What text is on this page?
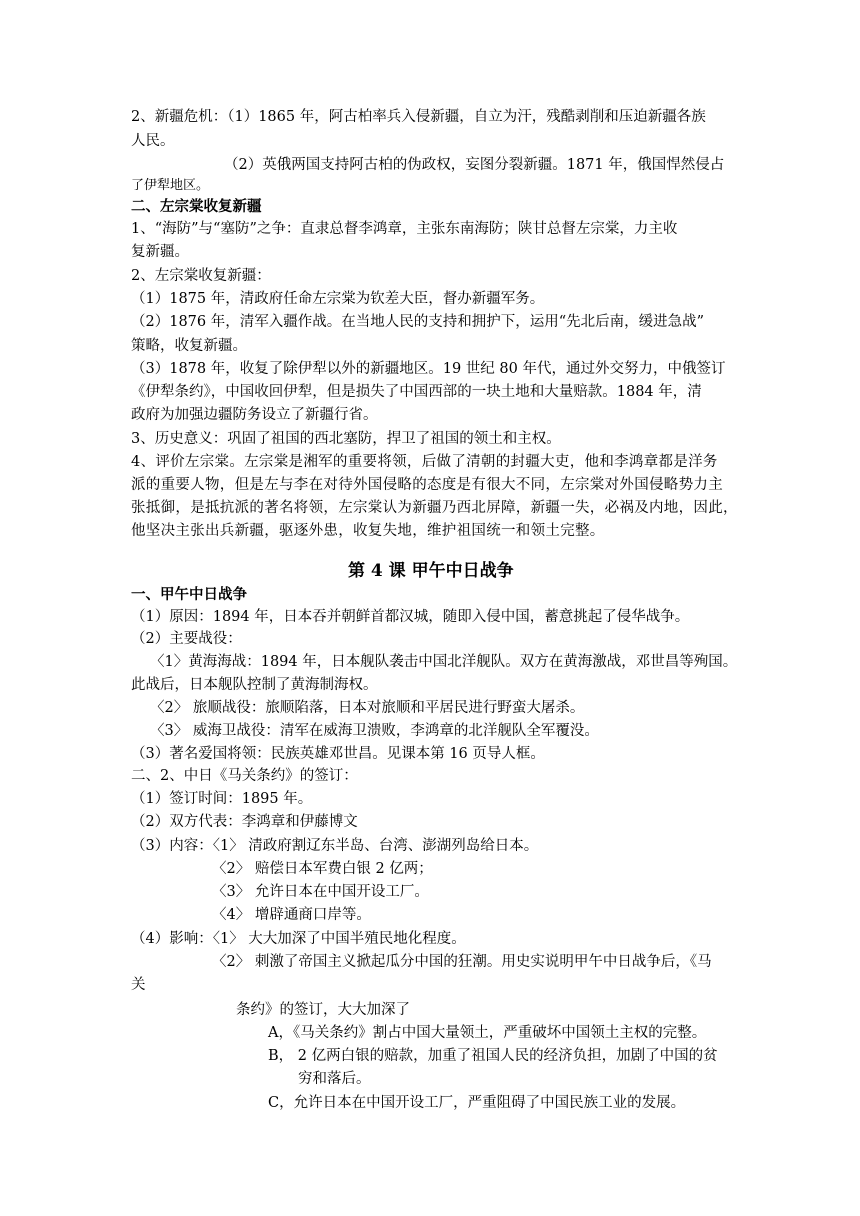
2、新疆危机：（1）1865 年，阿古柏率兵入侵新疆，自立为汗，残酷剥削和压迫新疆各族
人民。
（2）英俄两国支持阿古柏的伪政权，妄图分裂新疆。1871 年，俄国悍然侵占
了伊犁地区。
二、左宗棠收复新疆
1、“海防”与“塞防”之争：直隶总督李鸿章，主张东南海防；陕甘总督左宗棠，力主收
复新疆。
2、左宗棠收复新疆：
（1）1875 年，清政府任命左宗棠为钦差大臣，督办新疆军务。
（2）1876 年，清军入疆作战。在当地人民的支持和拥护下，运用“先北后南，缓进急战”
策略，收复新疆。
（3）1878 年，收复了除伊犁以外的新疆地区。19 世纪 80 年代，通过外交努力，中俄签订
《伊犁条约》，中国收回伊犁，但是损失了中国西部的一块土地和大量赔款。1884 年，清
政府为加强边疆防务设立了新疆行省。
3、历史意义：巩固了祖国的西北塞防，捍卫了祖国的领土和主权。
4、评价左宗棠。左宗棠是湘军的重要将领，后做了清朝的封疆大吏，他和李鸿章都是洋务
派的重要人物，但是左与李在对待外国侵略的态度是有很大不同，左宗棠对外国侵略势力主
张抵御，是抵抗派的著名将领，左宗棠认为新疆乃西北屏障，新疆一失，必祸及内地，因此，
他坚决主张出兵新疆，驱逐外患，收复失地，维护祖国统一和领土完整。
第 4 课 甲午中日战争
一、甲午中日战争
（1）原因：1894 年，日本吞并朝鲜首都汉城，随即入侵中国，蓄意挑起了侵华战争。
（2）主要战役：
〈1〉黄海海战：1894 年，日本舰队袭击中国北洋舰队。双方在黄海激战，邓世昌等殉国。
此战后，日本舰队控制了黄海制海权。
〈2〉 旅顺战役：旅顺陷落，日本对旅顺和平居民进行野蛮大屠杀。
〈3〉 威海卫战役：清军在威海卫溃败，李鸿章的北洋舰队全军覆没。
（3）著名爱国将领：民族英雄邓世昌。见课本第 16 页导人框。
二、2、中日《马关条约》的签订：
（1）签订时间：1895 年。
（2）双方代表：李鸿章和伊藤博文
（3）内容：〈1〉 清政府割辽东半岛、台湾、澎湖列岛给日本。
〈2〉 赔偿日本军费白银 2 亿两；
〈3〉 允许日本在中国开设工厂。
〈4〉 增辟通商口岸等。
（4）影响：〈1〉 大大加深了中国半殖民地化程度。
〈2〉 刺激了帝国主义掀起瓜分中国的狂潮。用史实说明甲午中日战争后，《马
关
条约》的签订，大大加深了
A，《马关条约》割占中国大量领土，严重破坏中国领土主权的完整。
B， 2 亿两白银的赔款，加重了祖国人民的经济负担，加剧了中国的贫
穷和落后。
C，允许日本在中国开设工厂，严重阻碍了中国民族工业的发展。
